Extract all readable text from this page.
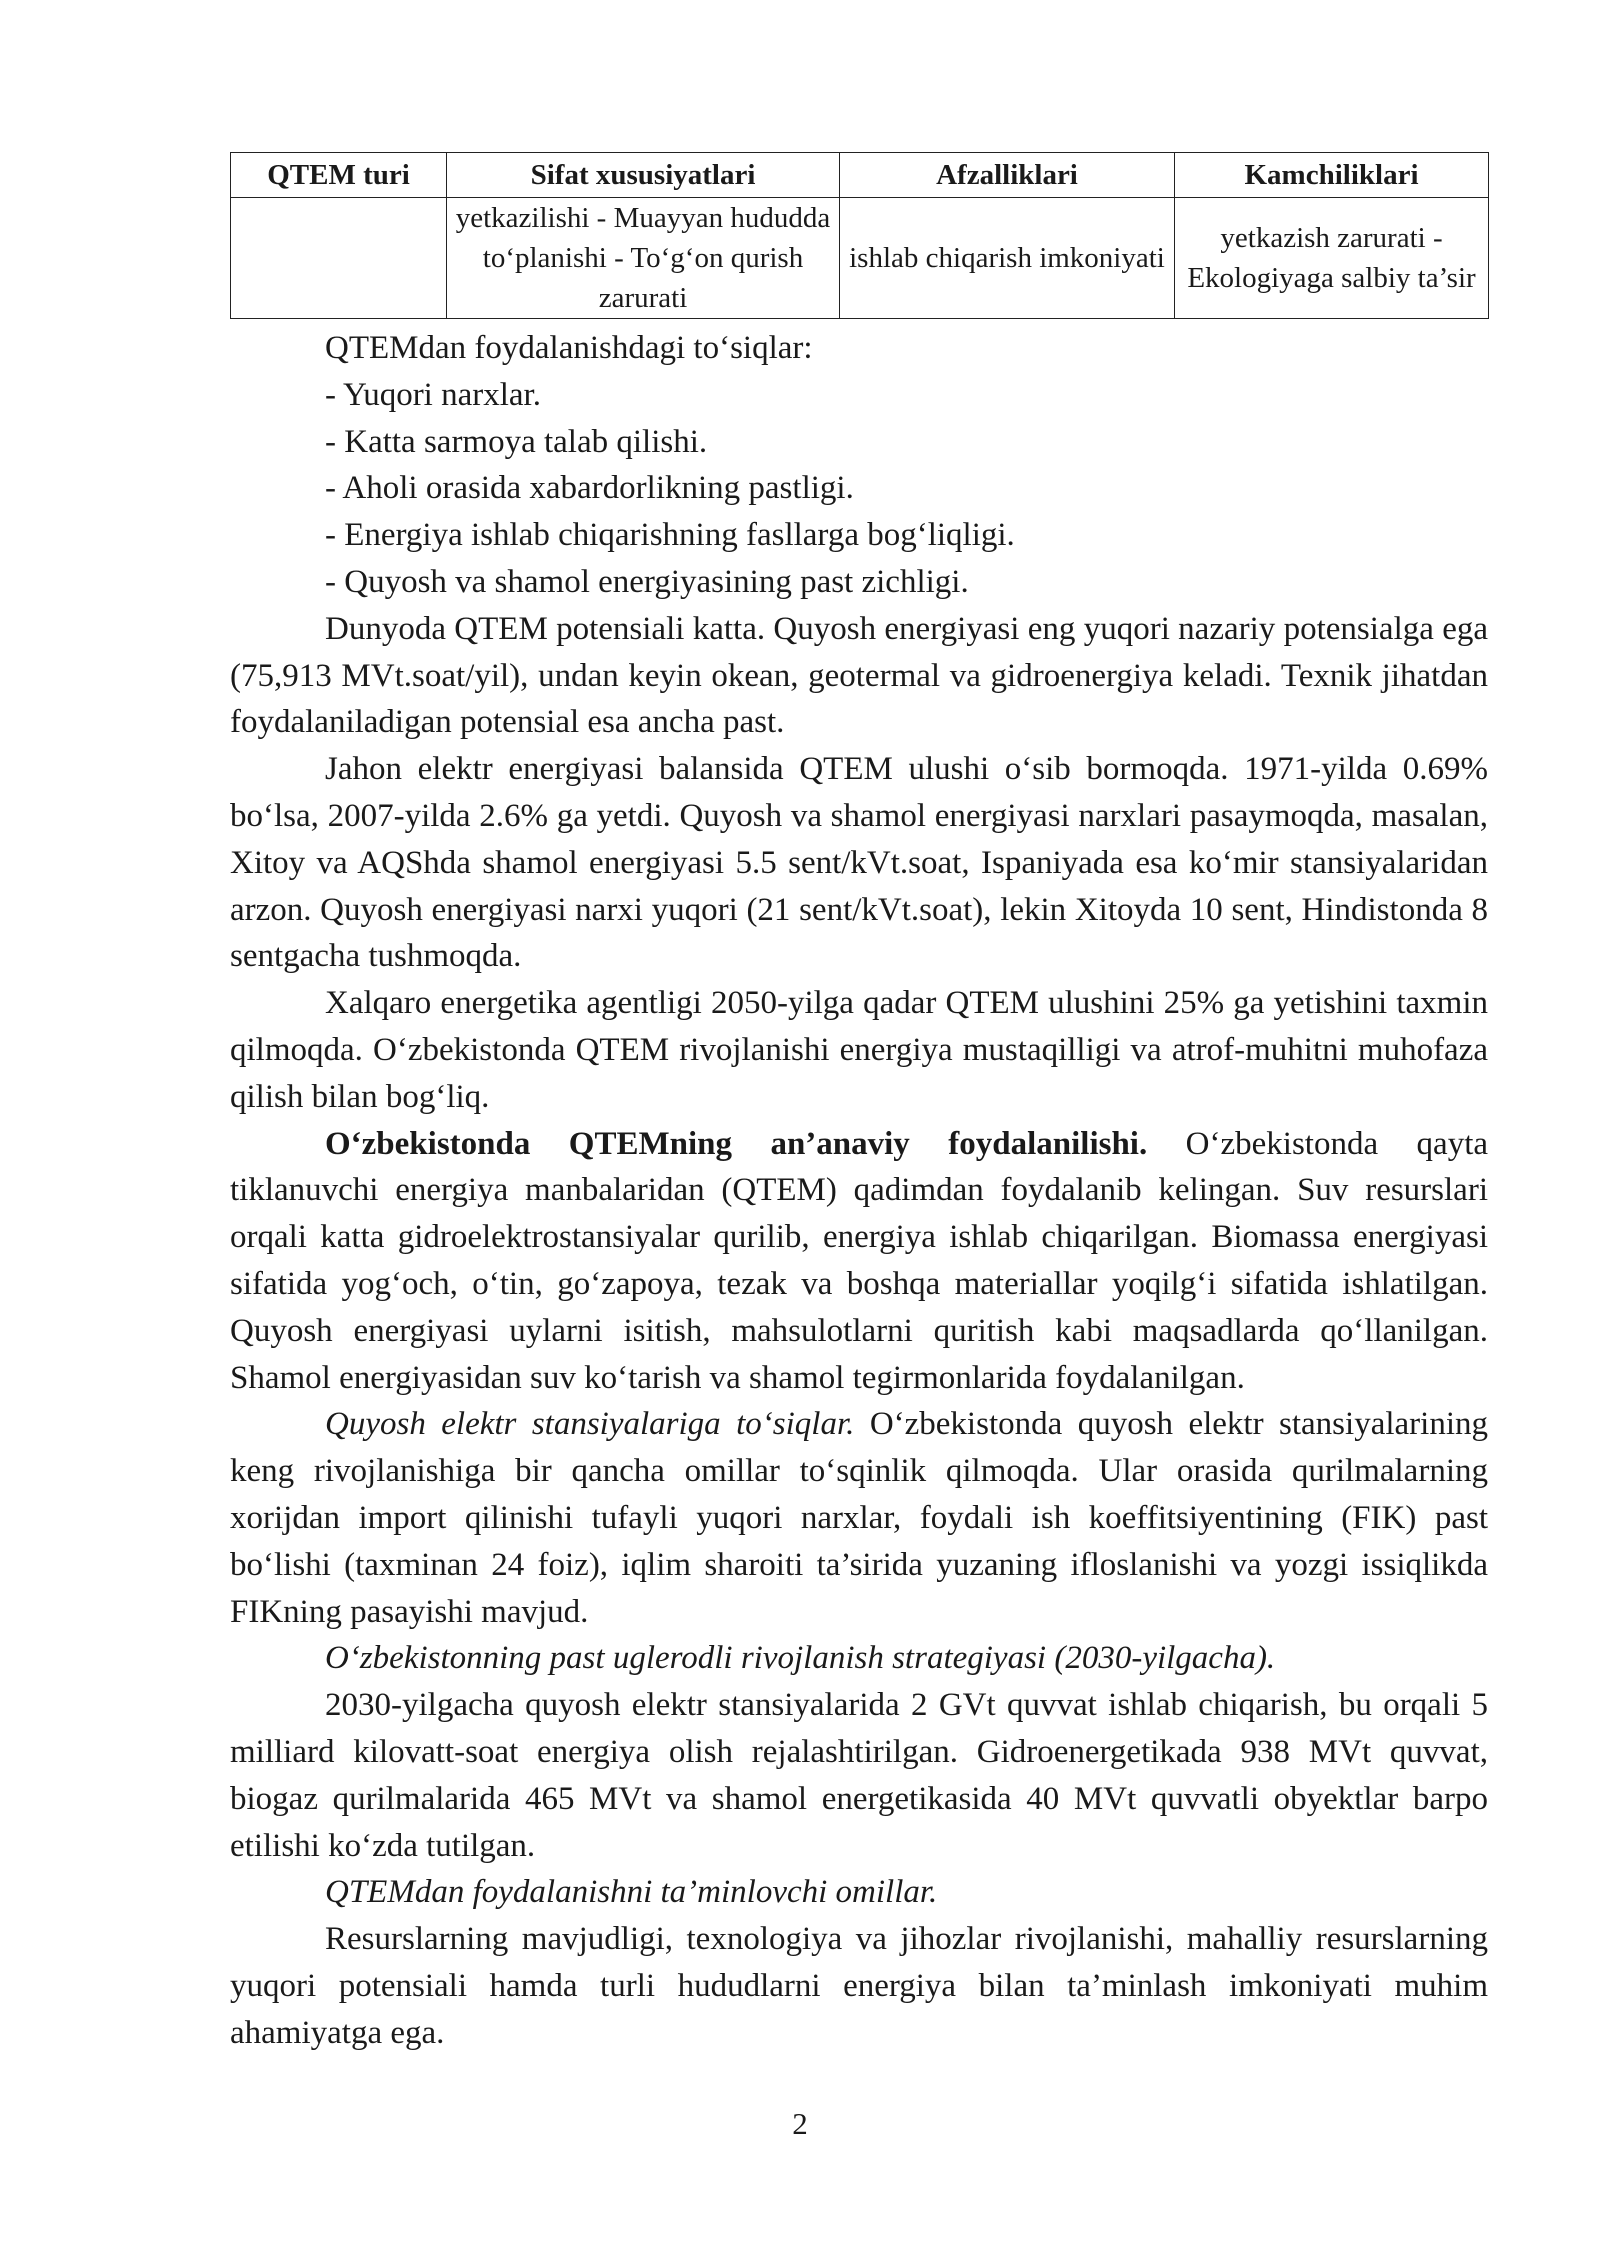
QTEM turi	Sifat xususiyatlari	Afzalliklari	Kamchiliklari
	yetkazilishi - Muayyan hududda to‘planishi - To‘g‘on qurish zarurati	ishlab chiqarish imkoniyati	yetkazish zarurati - Ekologiyaga salbiy ta’sir

QTEMdan foydalanishdagi to‘siqlar:

- Yuqori narxlar.

- Katta sarmoya talab qilishi.

- Aholi orasida xabardorlikning pastligi.

- Energiya ishlab chiqarishning fasllarga bog‘liqligi.

- Quyosh va shamol energiyasining past zichligi.

Dunyoda QTEM potensiali katta. Quyosh energiyasi eng yuqori nazariy potensialga ega (75,913 MVt.soat/yil), undan keyin okean, geotermal va gidroenergiya keladi. Texnik jihatdan foydalaniladigan potensial esa ancha past.

Jahon elektr energiyasi balansida QTEM ulushi o‘sib bormoqda. 1971-yilda 0.69% bo‘lsa, 2007-yilda 2.6% ga yetdi. Quyosh va shamol energiyasi narxlari pasaymoqda, masalan, Xitoy va AQShda shamol energiyasi 5.5 sent/kVt.soat, Ispaniyada esa ko‘mir stansiyalaridan arzon. Quyosh energiyasi narxi yuqori (21 sent/kVt.soat), lekin Xitoyda 10 sent, Hindistonda 8 sentgacha tushmoqda.

Xalqaro energetika agentligi 2050-yilga qadar QTEM ulushini 25% ga yetishini taxmin qilmoqda. O‘zbekistonda QTEM rivojlanishi energiya mustaqilligi va atrof-muhitni muhofaza qilish bilan bog‘liq.

O‘zbekistonda QTEMning an’anaviy foydalanilishi. O‘zbekistonda qayta tiklanuvchi energiya manbalaridan (QTEM) qadimdan foydalanib kelingan. Suv resurslari orqali katta gidroelektrostansiyalar qurilib, energiya ishlab chiqarilgan. Biomassa energiyasi sifatida yog‘och, o‘tin, go‘zapoya, tezak va boshqa materiallar yoqilg‘i sifatida ishlatilgan. Quyosh energiyasi uylarni isitish, mahsulotlarni quritish kabi maqsadlarda qo‘llanilgan. Shamol energiyasidan suv ko‘tarish va shamol tegirmonlarida foydalanilgan.

Quyosh elektr stansiyalariga to‘siqlar. O‘zbekistonda quyosh elektr stansiyalarining keng rivojlanishiga bir qancha omillar to‘sqinlik qilmoqda. Ular orasida qurilmalarning xorijdan import qilinishi tufayli yuqori narxlar, foydali ish koeffitsiyentining (FIK) past bo‘lishi (taxminan 24 foiz), iqlim sharoiti ta’sirida yuzaning ifloslanishi va yozgi issiqlikda FIKning pasayishi mavjud.

O‘zbekistonning past uglerodli rivojlanish strategiyasi (2030-yilgacha).

2030-yilgacha quyosh elektr stansiyalarida 2 GVt quvvat ishlab chiqarish, bu orqali 5 milliard kilovatt-soat energiya olish rejalashtirilgan. Gidroenergetikada 938 MVt quvvat, biogaz qurilmalarida 465 MVt va shamol energetikasida 40 MVt quvvatli obyektlar barpo etilishi ko‘zda tutilgan.

QTEMdan foydalanishni ta’minlovchi omillar.

Resurslarning mavjudligi, texnologiya va jihozlar rivojlanishi, mahalliy resurslarning yuqori potensiali hamda turli hududlarni energiya bilan ta’minlash imkoniyati muhim ahamiyatga ega.

2
